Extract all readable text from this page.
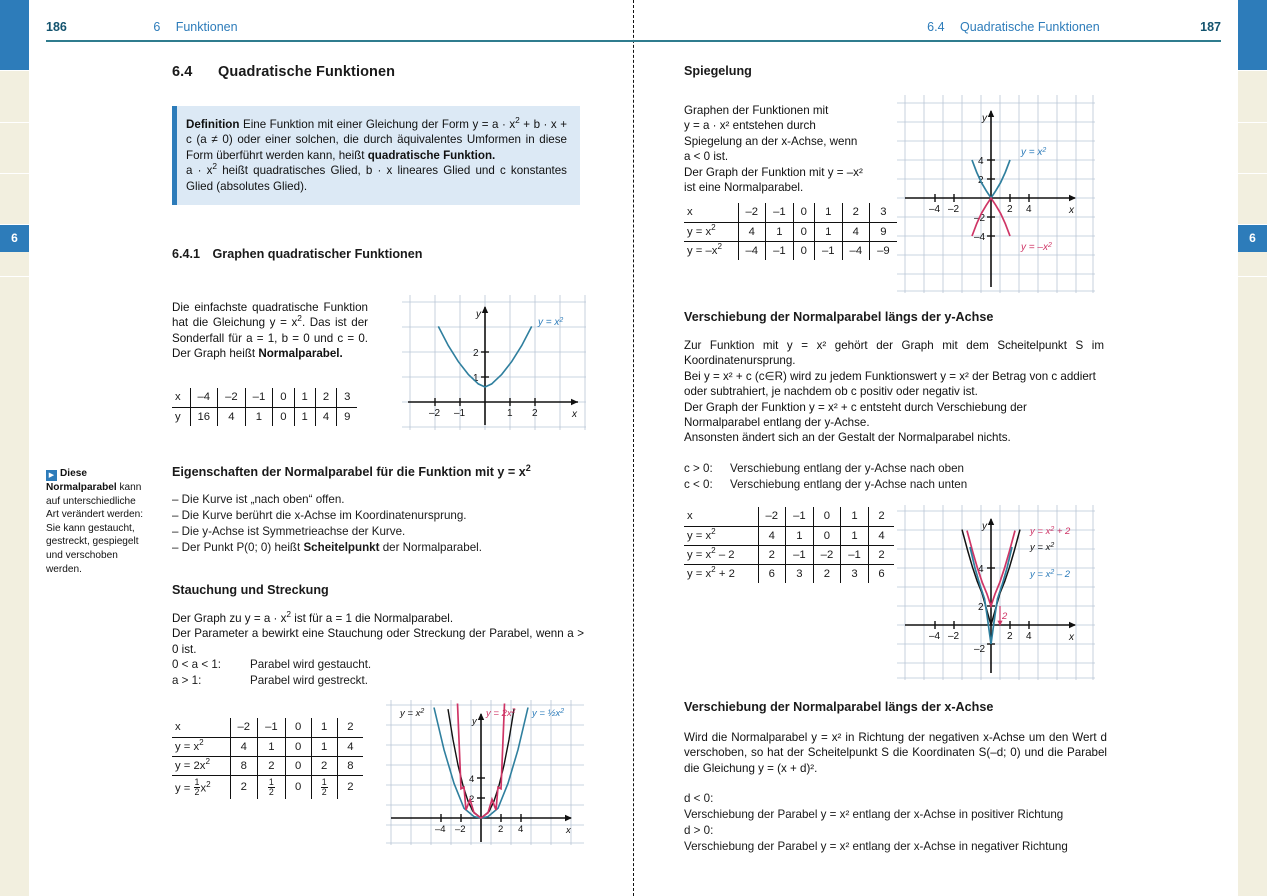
6	6
186	6 Funktionen	6.4 Quadratische Funktionen	187
6.4 Quadratische Funktionen

Definition Eine Funktion mit einer Gleichung der Form $y = a \cdot x^2 + b \cdot x + c$ (a ≠ 0) oder einer solchen, die durch äquivalentes Umformen in diese Form überführt werden kann, heißt quadratische Funktion.
$a \cdot x^2$ heißt quadratisches Glied, b · x lineares Glied und c konstantes Glied (absolutes Glied).

6.4.1 Graphen quadratischer Funktionen

Die einfachste quadratische Funktion hat die Gleichung $y = x^2$. Das ist der Sonderfall für a = 1, b = 0 und c = 0. Der Graph heißt Normalparabel.

x	–4	–2	–1	0	1	2	3
y	16	4	1	0	1	4	9	–2 –1	1 2
1
2
x
y
$y = x^2$
▶ Diese Normalparabel kann auf unterschiedliche Art verändert werden: Sie kann gestaucht, gestreckt, gespiegelt und verschoben werden.
Eigenschaften der Normalparabel für die Funktion mit $y = x^2$
– Die Kurve ist „nach oben“ offen.
– Die Kurve berührt die x-Achse im Koordinatenursprung.
– Die y-Achse ist Symmetrieachse der Kurve.
– Der Punkt P(0; 0) heißt Scheitelpunkt der Normalparabel.
Stauchung und Streckung

Der Graph zu $y = a \cdot x^2$ ist für a = 1 die Normalparabel.

Der Parameter a bewirkt eine Stauchung oder Streckung der Parabel, wenn a > 0 ist.

0 < a < 1:	Parabel wird gestaucht.
a > 1:	Parabel wird gestreckt.
x	–2	–1	0	1	2
$y = x^2$	4	1	0	1	4
$y = 2x^2$	8	2	0	2	8
$y = \frac{1}{2} x^2$	2	$\frac{1}{2}$	0	$\frac{1}{2}$	2
–4 –2	2 4
2
4
x
y
$y = x^2$	$y = 2x^2$ $y = \frac{1}{2}x^2$
Spiegelung
Graphen der Funktionen mit
y = a · x² entstehen durch
Spiegelung an der x-Achse, wenn
a < 0 ist.
Der Graph der Funktion mit y = –x²
ist eine Normalparabel.
x	–2	–1	0	1	2	3
$y = x^2$	4	1	0	1	4	9
$y = -x^2$	–4	–1	0	–1	–4	–9
–4 –2	2 4
2
4
–2
–4
x
y
$y = x^2$
$y = -x^2$
Verschiebung der Normalparabel längs der y-Achse

Zur Funktion mit y = x² gehört der Graph mit dem Scheitelpunkt S im Koordinatenursprung.

Bei y = x² + c (c∈R) wird zu jedem Funktionswert y = x² der Betrag von c addiert oder subtrahiert, je nachdem ob c positiv oder negativ ist.

Der Graph der Funktion y = x² + c entsteht durch Verschiebung der Normalparabel entlang der y-Achse.

Ansonsten ändert sich an der Gestalt der Normalparabel nichts.

c > 0: Verschiebung entlang der y-Achse nach oben
c < 0: Verschiebung entlang der y-Achse nach unten
x	–2	–1	0	1	2
$y = x^2$	4	1	0	1	4
$y = x^2 - 2$	2	–1	–2	–1	2
$y = x^2 + 2$	6	3	2	3	6
–4 –2	2 4
2
4
–2
x
y
2
$y = x^2 + 2$
$y = x^2$
$y = x^2 - 2$
Verschiebung der Normalparabel längs der x-Achse

Wird die Normalparabel y = x² in Richtung der negativen x-Achse um den Wert d verschoben, so hat der Scheitelpunkt S die Koordinaten S(–d; 0) und die Parabel die Gleichung y = (x + d)².

d < 0:Verschiebung der Parabel y = x² entlang der x-Achse in positiver Richtung
d > 0:Verschiebung der Parabel y = x² entlang der x-Achse in negativer Richtung
